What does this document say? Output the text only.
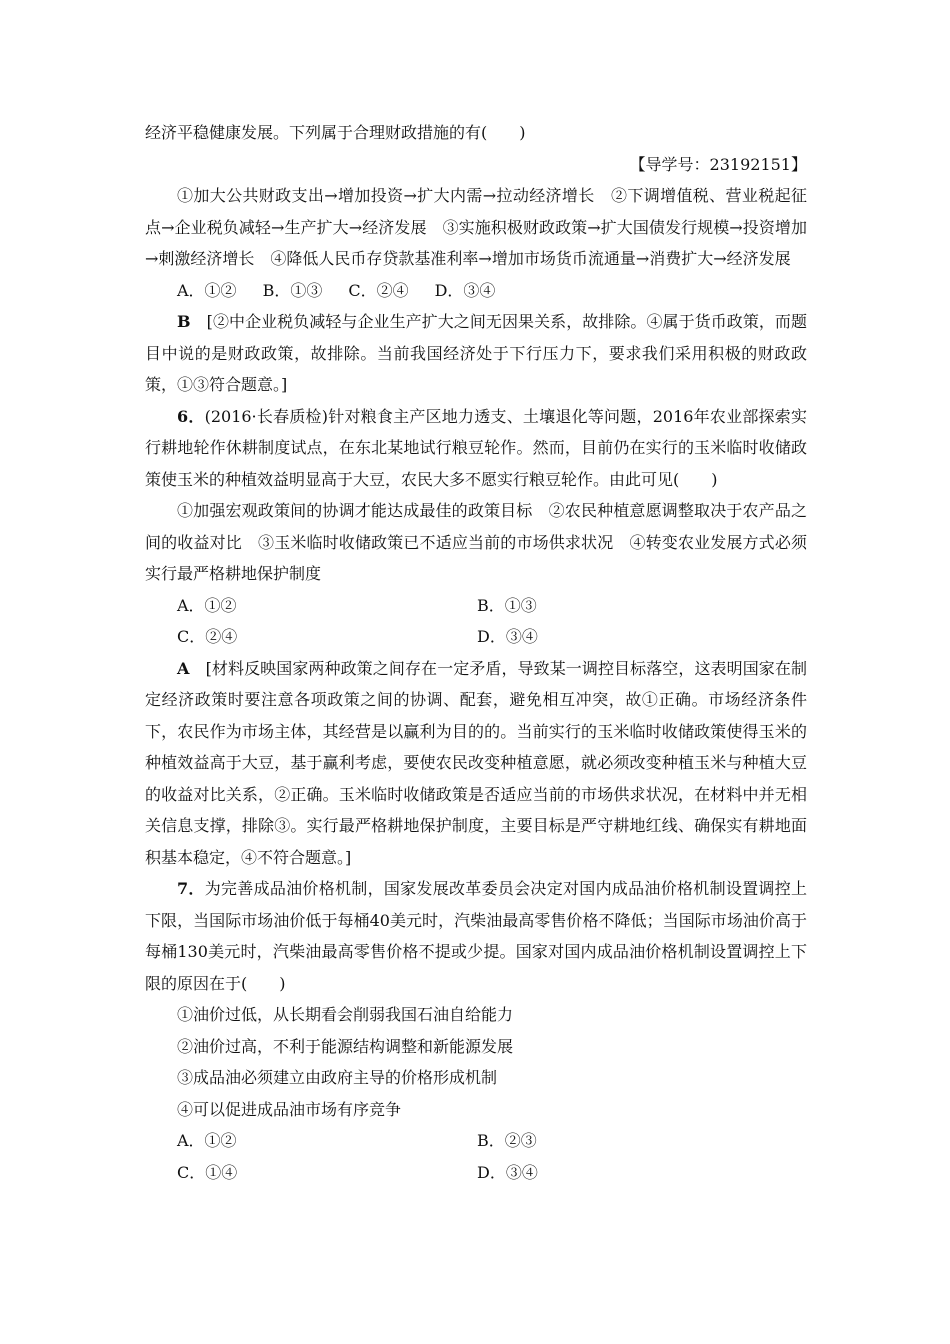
经济平稳健康发展。下列属于合理财政措施的有(　　)

【导学号：23192151】

①加大公共财政支出→增加投资→扩大内需→拉动经济增长　②下调增值税、营业税起征点→企业税负减轻→生产扩大→经济发展　③实施积极财政政策→扩大国债发行规模→投资增加→刺激经济增长　④降低人民币存贷款基准利率→增加市场货币流通量→消费扩大→经济发展

A．①② B．①③ C．②④ D．③④

B　 [②中企业税负减轻与企业生产扩大之间无因果关系，故排除。④属于货币政策，而题目中说的是财政政策，故排除。当前我国经济处于下行压力下，要求我们采用积极的财政政策，①③符合题意。]

6．(2016·长春质检)针对粮食主产区地力透支、土壤退化等问题，2016年农业部探索实行耕地轮作休耕制度试点，在东北某地试行粮豆轮作。然而，目前仍在实行的玉米临时收储政策使玉米的种植效益明显高于大豆，农民大多不愿实行粮豆轮作。由此可见(　　)

①加强宏观政策间的协调才能达成最佳的政策目标　②农民种植意愿调整取决于农产品之间的收益对比　③玉米临时收储政策已不适应当前的市场供求状况　④转变农业发展方式必须实行最严格耕地保护制度

A．①②	B．①③
C．②④	D．③④

A　 [材料反映国家两种政策之间存在一定矛盾，导致某一调控目标落空，这表明国家在制定经济政策时要注意各项政策之间的协调、配套，避免相互冲突，故①正确。市场经济条件下，农民作为市场主体，其经营是以赢利为目的的。当前实行的玉米临时收储政策使得玉米的种植效益高于大豆，基于赢利考虑，要使农民改变种植意愿，就必须改变种植玉米与种植大豆的收益对比关系，②正确。玉米临时收储政策是否适应当前的市场供求状况，在材料中并无相关信息支撑，排除③。实行最严格耕地保护制度，主要目标是严守耕地红线、确保实有耕地面积基本稳定，④不符合题意。]

7．为完善成品油价格机制，国家发展改革委员会决定对国内成品油价格机制设置调控上下限，当国际市场油价低于每桶40美元时，汽柴油最高零售价格不降低；当国际市场油价高于每桶130美元时，汽柴油最高零售价格不提或少提。国家对国内成品油价格机制设置调控上下限的原因在于(　　)

①油价过低，从长期看会削弱我国石油自给能力

②油价过高，不利于能源结构调整和新能源发展

③成品油必须建立由政府主导的价格形成机制

④可以促进成品油市场有序竞争

A．①②	B．②③
C．①④	D．③④
